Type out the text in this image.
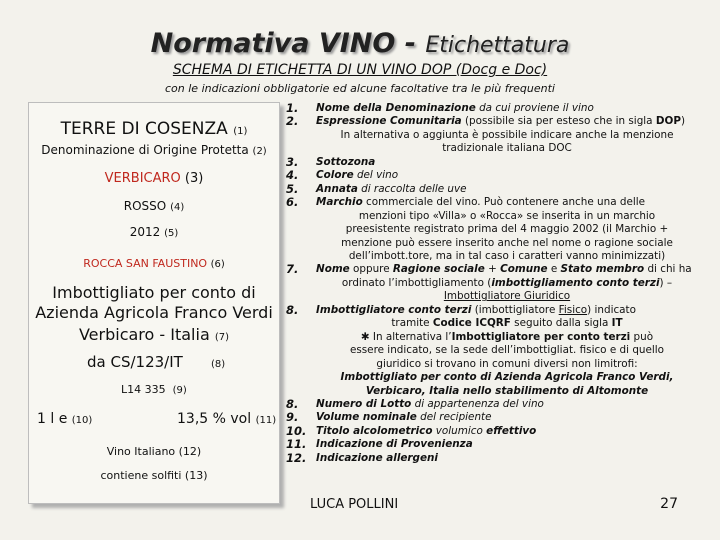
Normativa VINO - Etichettatura
SCHEMA DI ETICHETTA DI UN VINO DOP (Docg e Doc)
con le indicazioni obbligatorie ed alcune facoltative tra le più frequenti
TERRE DI COSENZA (1)
Denominazione di Origine Protetta (2)
VERBICARO (3)
ROSSO (4)
2012 (5)
ROCCA SAN FAUSTINO (6)
Imbottigliato per conto di
Azienda Agricola Franco Verdi
Verbicaro - Italia (7)
da CS/123/IT	(8)
L14 335 (9)
1 l e (10)	13,5 % vol (11)
Vino Italiano (12)
contiene solfiti (13)
1.	Nome della Denominazione da cui proviene il vino
2.	Espressione Comunitaria (possibile sia per esteso che in sigla DOP)
In alternativa o aggiunta è possibile indicare anche la menzione
tradizionale italiana DOC
3.	Sottozona
4.	Colore del vino
5.	Annata di raccolta delle uve
6.	Marchio commerciale del vino. Può contenere anche una delle
menzioni tipo «Villa» o «Rocca» se inserita in un marchio
preesistente registrato prima del 4 maggio 2002 (il Marchio +
menzione può essere inserito anche nel nome o ragione sociale
dell’imbott.tore, ma in tal caso i caratteri vanno minimizzati)
7.	Nome oppure Ragione sociale + Comune e Stato membro di chi ha
ordinato l’imbottigliamento (imbottigliamento conto terzi) –
Imbottigliatore Giuridico
8.	Imbottigliatore conto terzi (imbottigliatore Fisico) indicato
tramite Codice ICQRF seguito dalla sigla IT
✱ In alternativa l’Imbottigliatore per conto terzi può
essere indicato, se la sede dell’imbottigliat. fisico e di quello
giuridico si trovano in comuni diversi non limitrofi:
Imbottigliato per conto di Azienda Agricola Franco Verdi,
Verbicaro, Italia nello stabilimento di Altomonte
8.	Numero di Lotto di appartenenza del vino
9.	Volume nominale del recipiente
10. Titolo alcolometrico volumico effettivo
11. Indicazione di Provenienza
12. Indicazione allergeni
LUCA POLLINI	27
